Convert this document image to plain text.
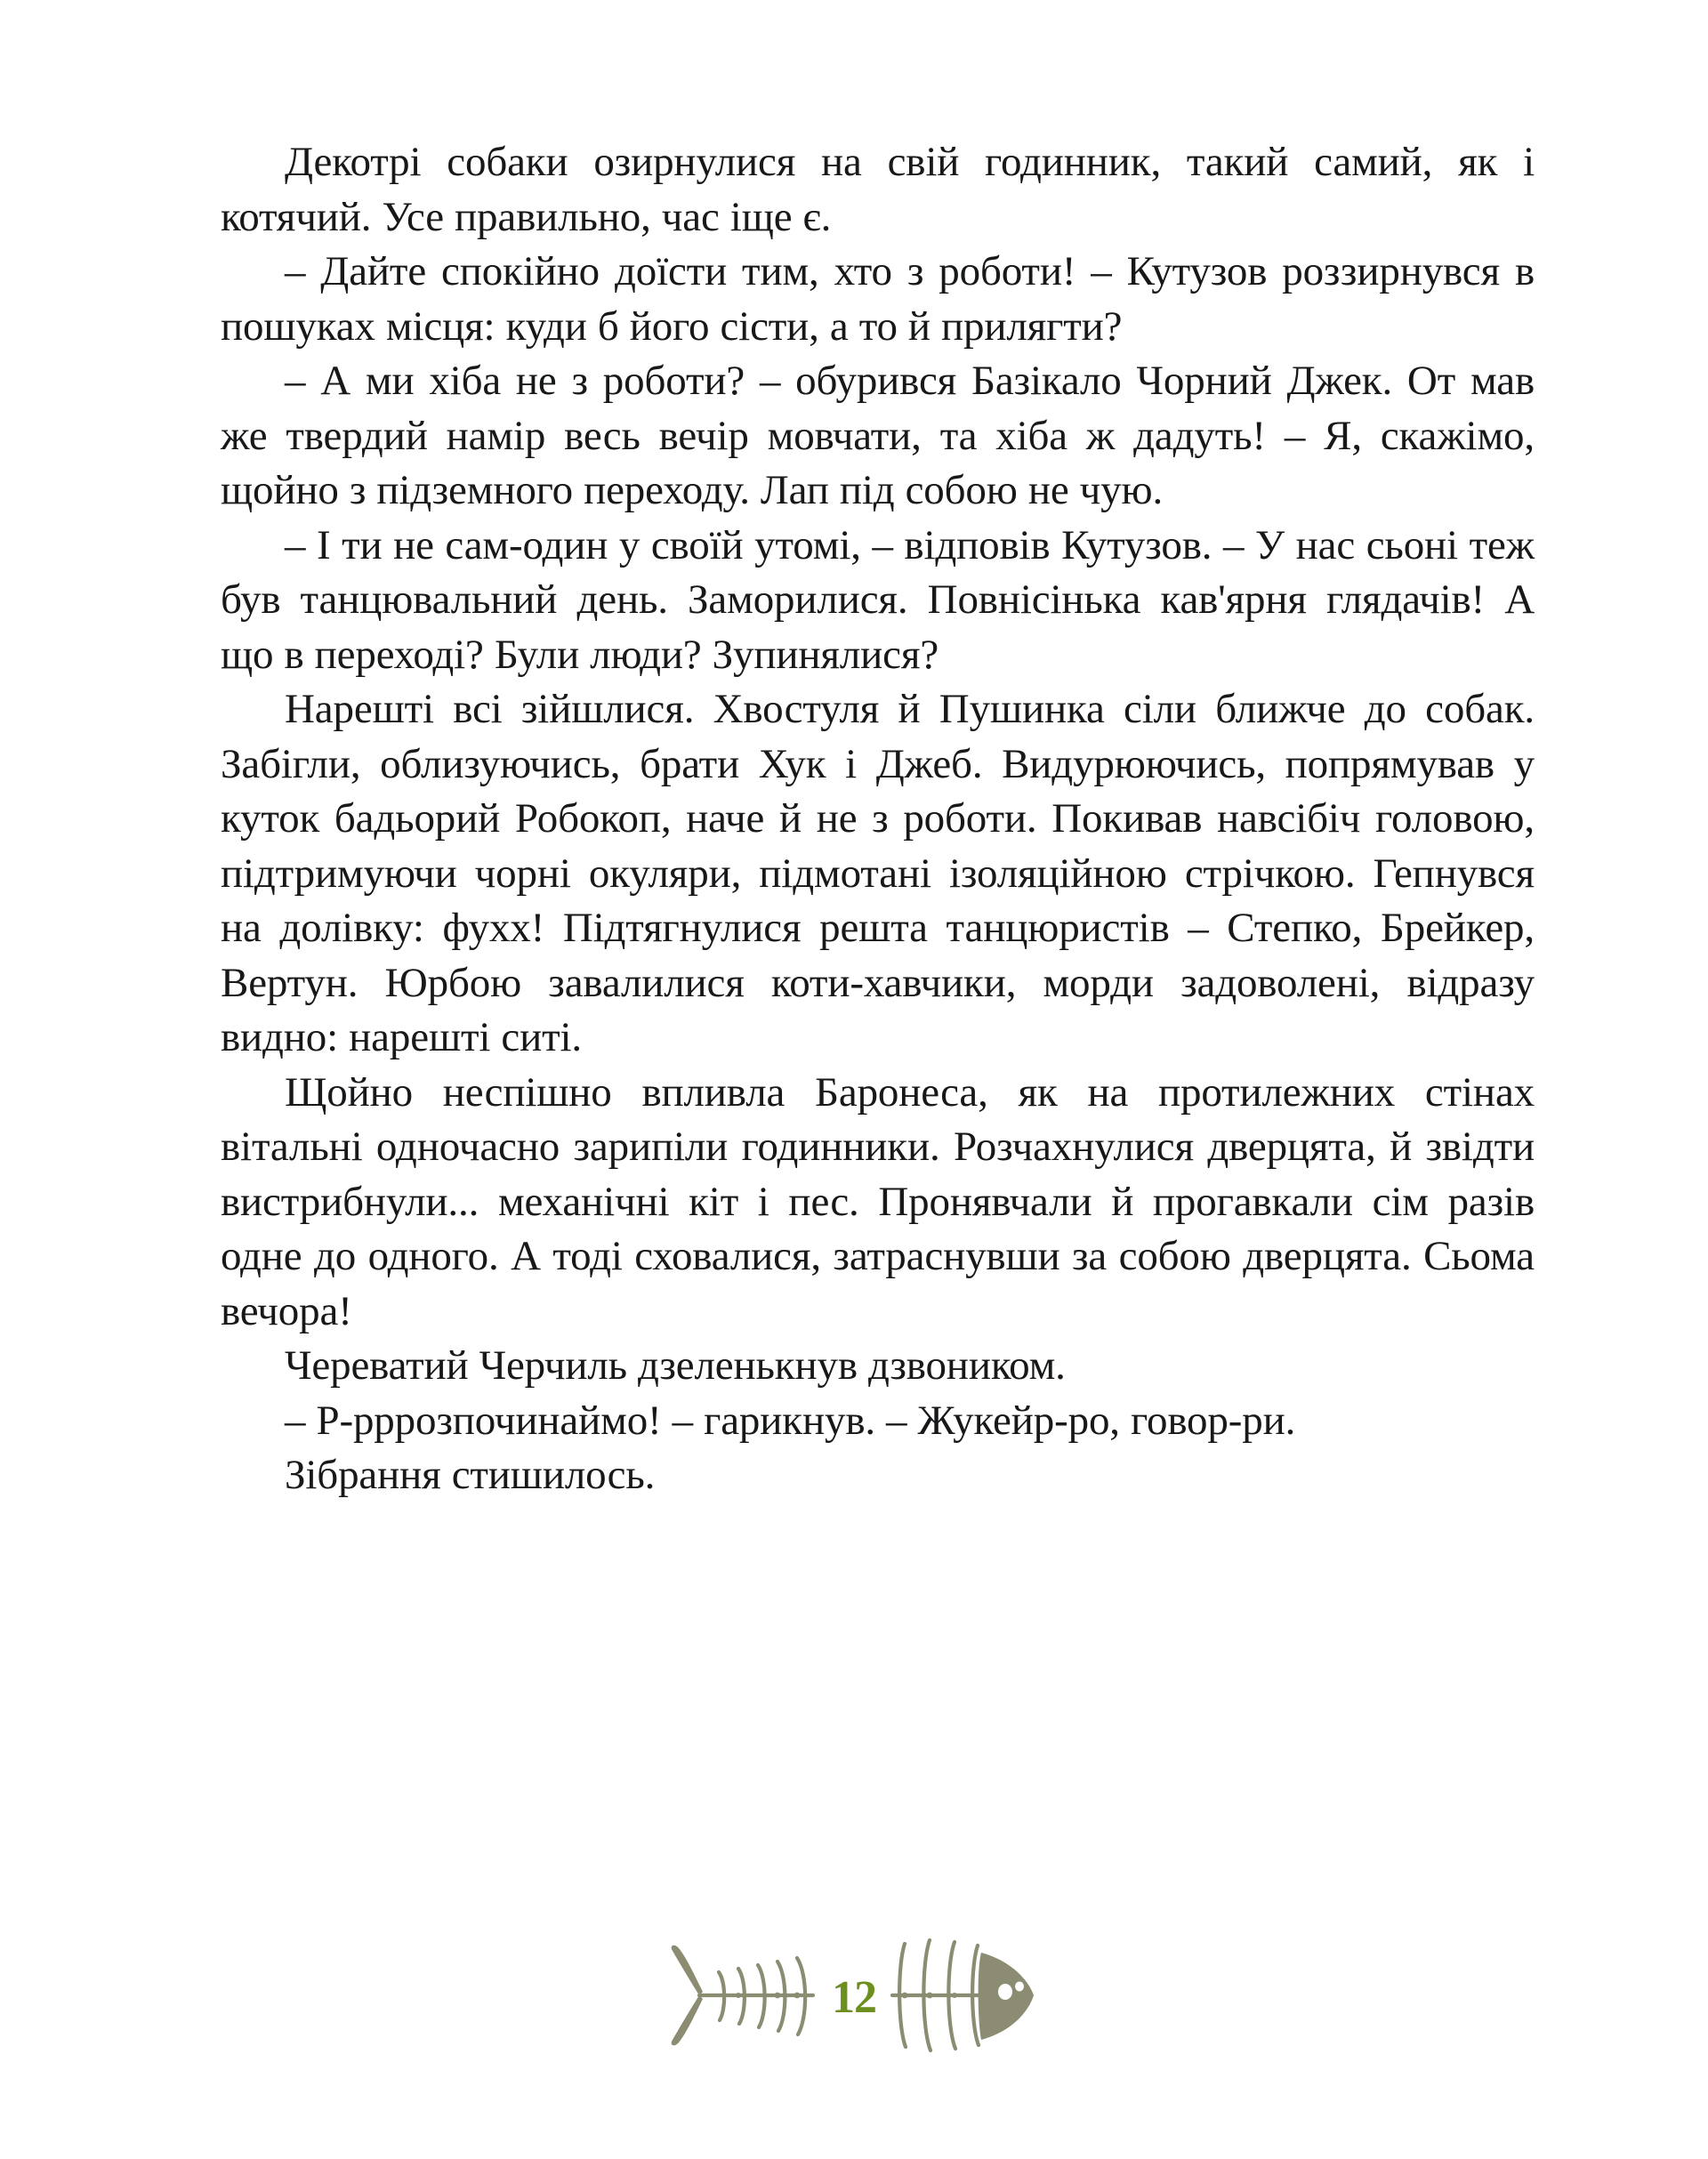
Декотрі собаки озирнулися на свій годинник, такий самий, як і котячий. Усе правильно, час іще є.

– Дайте спокійно доїсти тим, хто з роботи! – Кутузов роззирнувся в пошуках місця: куди б його сісти, а то й прилягти?

– А ми хіба не з роботи? – обурився Базікало Чорний Джек. От мав же твердий намір весь вечір мовчати, та хіба ж дадуть! – Я, скажімо, щойно з підземного переходу. Лап під собою не чую.

– І ти не сам-один у своїй утомі, – відповів Кутузов. – У нас сьоні теж був танцювальний день. Заморилися. Повнісінька кав'ярня глядачів! А що в переході? Були люди? Зупинялися?

Нарешті всі зійшлися. Хвостуля й Пушинка сіли ближче до собак. Забігли, облизуючись, брати Хук і Джеб. Видурюючись, попрямував у куток бадьорий Робокоп, наче й не з роботи. Покивав навсібіч головою, підтримуючи чорні окуляри, підмотані ізоляційною стрічкою. Гепнувся на долівку: фухх! Підтягнулися решта танцюристів – Степко, Брейкер, Вертун. Юрбою завалилися коти-хавчики, морди задоволені, відразу видно: нарешті ситі.

Щойно неспішно впливла Баронеса, як на протилежних стінах вітальні одночасно зарипіли годинники. Розчахнулися дверцята, й звідти вистрибнули... механічні кіт і пес. Пронявчали й прогавкали сім разів одне до одного. А тоді сховалися, затраснувши за собою дверцята. Сьома вечора!

Череватий Черчиль дзеленькнув дзвоником.

– Р-рррозпочинаймо! – гарикнув. – Жукейр-ро, говор-ри.

Зібрання стишилось.

12
